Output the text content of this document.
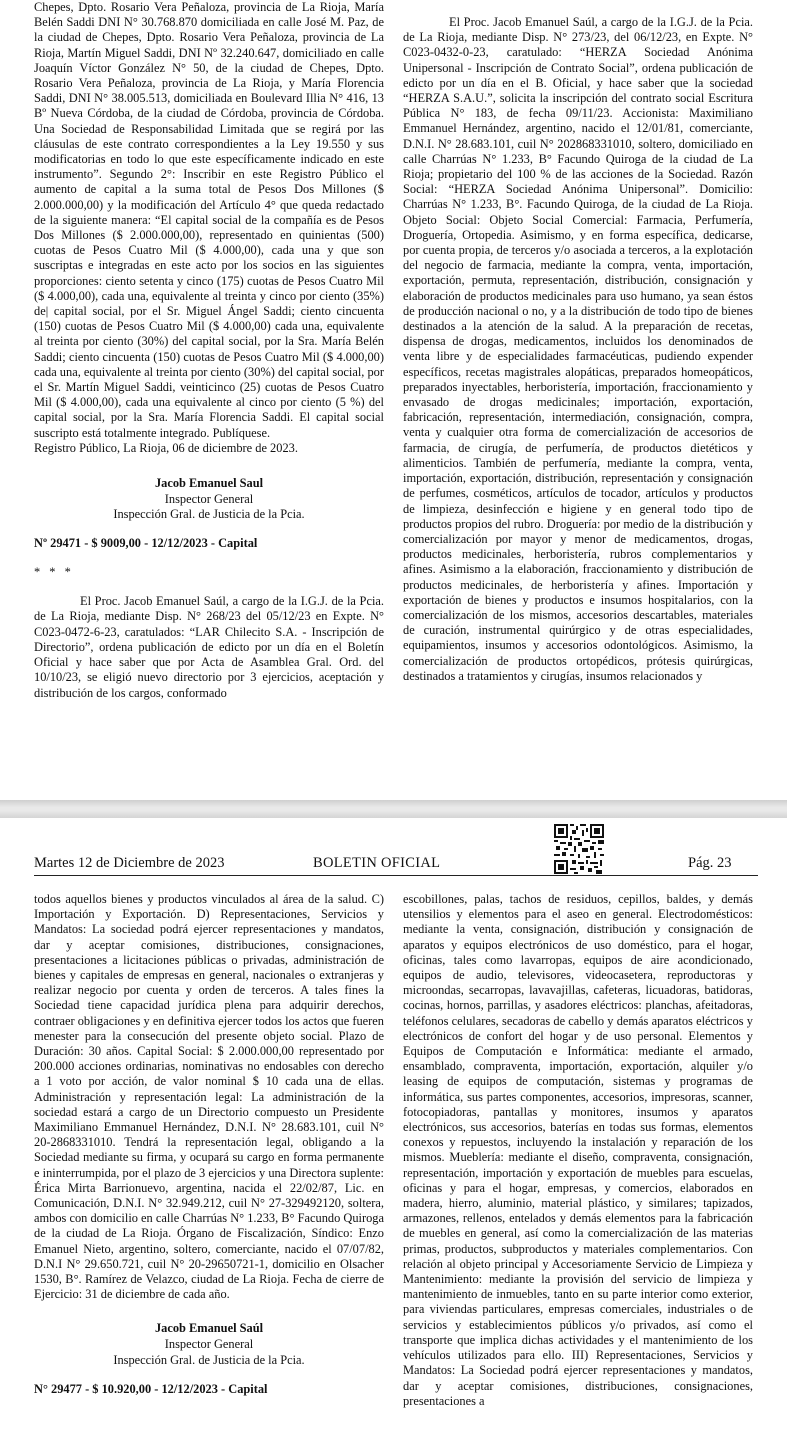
Chepes, Dpto. Rosario Vera Peñaloza, provincia de La Rioja, María Belén Saddi DNI N° 30.768.870 domiciliada en calle José M. Paz, de la ciudad de Chepes, Dpto. Rosario Vera Peñaloza, provincia de La Rioja, Martín Miguel Saddi, DNI Nº 32.240.647, domiciliado en calle Joaquín Víctor González N° 50, de la ciudad de Chepes, Dpto. Rosario Vera Peñaloza, provincia de La Rioja, y María Florencia Saddi, DNI N° 38.005.513, domiciliada en Boulevard Illia N° 416, 13 Bº Nueva Córdoba, de la ciudad de Córdoba, provincia de Córdoba. Una Sociedad de Responsabilidad Limitada que se regirá por las cláusulas de este contrato correspondientes a la Ley 19.550 y sus modificatorias en todo lo que este específicamente indicado en este instrumento”. Segundo 2°: Inscribir en este Registro Público el aumento de capital a la suma total de Pesos Dos Millones ($ 2.000.000,00) y la modificación del Artículo 4° que queda redactado de la siguiente manera: “El capital social de la compañía es de Pesos Dos Millones ($ 2.000.000,00), representado en quinientas (500) cuotas de Pesos Cuatro Mil ($ 4.000,00), cada una y que son suscriptas e integradas en este acto por los socios en las siguientes proporciones: ciento setenta y cinco (175) cuotas de Pesos Cuatro Mil ($ 4.000,00), cada una, equivalente al treinta y cinco por ciento (35%) de| capital social, por el Sr. Miguel Ángel Saddi; ciento cincuenta (150) cuotas de Pesos Cuatro Mil ($ 4.000,00) cada una, equivalente al treinta por ciento (30%) del capital social, por la Sra. María Belén Saddi; ciento cincuenta (150) cuotas de Pesos Cuatro Mil ($ 4.000,00) cada una, equivalente al treinta por ciento (30%) del capital social, por el Sr. Martín Miguel Saddi, veinticinco (25) cuotas de Pesos Cuatro Mil ($ 4.000,00), cada una equivalente al cinco por ciento (5 %) del capital social, por la Sra. María Florencia Saddi. El capital social suscripto está totalmente integrado. Publíquese.

Registro Público, La Rioja, 06 de diciembre de 2023.

Jacob Emanuel Saul
Inspector General
Inspección Gral. de Justicia de la Pcia.

Nº 29471 - $ 9009,00 - 12/12/2023 - Capital

* * *

El Proc. Jacob Emanuel Saúl, a cargo de la I.G.J. de la Pcia. de La Rioja, mediante Disp. N° 268/23 del 05/12/23 en Expte. N° C023-0472-6-23, caratulados: “LAR Chilecito S.A. - Inscripción de Directorio”, ordena publicación de edicto por un día en el Boletín Oficial y hace saber que por Acta de Asamblea Gral. Ord. del 10/10/23, se eligió nuevo directorio por 3 ejercicios, aceptación y distribución de los cargos, conformado

El Proc. Jacob Emanuel Saúl, a cargo de la I.G.J. de la Pcia. de La Rioja, mediante Disp. N° 273/23, del 06/12/23, en Expte. N° C023-0432-0-23, caratulado: “HERZA Sociedad Anónima Unipersonal - Inscripción de Contrato Social”, ordena publicación de edicto por un día en el B. Oficial, y hace saber que la sociedad “HERZA S.A.U.”, solicita la inscripción del contrato social Escritura Pública N° 183, de fecha 09/11/23. Accionista: Maximiliano Emmanuel Hernández, argentino, nacido el 12/01/81, comerciante, D.N.I. N° 28.683.101, cuil N° 202868331010, soltero, domiciliado en calle Charrúas N° 1.233, B° Facundo Quiroga de la ciudad de La Rioja; propietario del 100 % de las acciones de la Sociedad. Razón Social: “HERZA Sociedad Anónima Unipersonal”. Domicilio: Charrúas N° 1.233, B°. Facundo Quiroga, de la ciudad de La Rioja. Objeto Social: Objeto Social Comercial: Farmacia, Perfumería, Droguería, Ortopedia. Asimismo, y en forma específica, dedicarse, por cuenta propia, de terceros y/o asociada a terceros, a la explotación del negocio de farmacia, mediante la compra, venta, importación, exportación, permuta, representación, distribución, consignación y elaboración de productos medicinales para uso humano, ya sean éstos de producción nacional o no, y a la distribución de todo tipo de bienes destinados a la atención de la salud. A la preparación de recetas, dispensa de drogas, medicamentos, incluidos los denominados de venta libre y de especialidades farmacéuticas, pudiendo expender específicos, recetas magistrales alopáticas, preparados homeopáticos, preparados inyectables, herboristería, importación, fraccionamiento y envasado de drogas medicinales; importación, exportación, fabricación, representación, intermediación, consignación, compra, venta y cualquier otra forma de comercialización de accesorios de farmacia, de cirugía, de perfumería, de productos dietéticos y alimenticios. También de perfumería, mediante la compra, venta, importación, exportación, distribución, representación y consignación de perfumes, cosméticos, artículos de tocador, artículos y productos de limpieza, desinfección e higiene y en general todo tipo de productos propios del rubro. Droguería: por medio de la distribución y comercialización por mayor y menor de medicamentos, drogas, productos medicinales, herboristería, rubros complementarios y afines. Asimismo a la elaboración, fraccionamiento y distribución de productos medicinales, de herboristería y afines. Importación y exportación de bienes y productos e insumos hospitalarios, con la comercialización de los mismos, accesorios descartables, materiales de curación, instrumental quirúrgico y de otras especialidades, equipamientos, insumos y accesorios odontológicos. Asimismo, la comercialización de productos ortopédicos, prótesis quirúrgicas, destinados a tratamientos y cirugías, insumos relacionados y

Martes 12 de Diciembre de 2023	BOLETIN OFICIAL	Pág. 23

todos aquellos bienes y productos vinculados al área de la salud. C) Importación y Exportación. D) Representaciones, Servicios y Mandatos: La sociedad podrá ejercer representaciones y mandatos, dar y aceptar comisiones, distribuciones, consignaciones, presentaciones a licitaciones públicas o privadas, administración de bienes y capitales de empresas en general, nacionales o extranjeras y realizar negocio por cuenta y orden de terceros. A tales fines la Sociedad tiene capacidad jurídica plena para adquirir derechos, contraer obligaciones y en definitiva ejercer todos los actos que fueren menester para la consecución del presente objeto social. Plazo de Duración: 30 años. Capital Social: $ 2.000.000,00 representado por 200.000 acciones ordinarias, nominativas no endosables con derecho a 1 voto por acción, de valor nominal $ 10 cada una de ellas. Administración y representación legal: La administración de la sociedad estará a cargo de un Directorio compuesto un Presidente Maximiliano Emmanuel Hernández, D.N.I. N° 28.683.101, cuil N° 20-2868331010. Tendrá la representación legal, obligando a la Sociedad mediante su firma, y ocupará su cargo en forma permanente e ininterrumpida, por el plazo de 3 ejercicios y una Directora suplente: Érica Mirta Barrionuevo, argentina, nacida el 22/02/87, Lic. en Comunicación, D.N.I. N° 32.949.212, cuil N° 27-329492120, soltera, ambos con domicilio en calle Charrúas N° 1.233, B° Facundo Quiroga de la ciudad de La Rioja. Órgano de Fiscalización, Síndico: Enzo Emanuel Nieto, argentino, soltero, comerciante, nacido el 07/07/82, D.N.I N° 29.650.721, cuil N° 20-29650721-1, domicilio en Olsacher 1530, B°. Ramírez de Velazco, ciudad de La Rioja. Fecha de cierre de Ejercicio: 31 de diciembre de cada año.

Jacob Emanuel Saúl
Inspector General
Inspección Gral. de Justicia de la Pcia.

N° 29477 - $ 10.920,00 - 12/12/2023 - Capital

escobillones, palas, tachos de residuos, cepillos, baldes, y demás utensilios y elementos para el aseo en general. Electrodomésticos: mediante la venta, consignación, distribución y consignación de aparatos y equipos electrónicos de uso doméstico, para el hogar, oficinas, tales como lavarropas, equipos de aire acondicionado, equipos de audio, televisores, videocasetera, reproductoras y microondas, secarropas, lavavajillas, cafeteras, licuadoras, batidoras, cocinas, hornos, parrillas, y asadores eléctricos: planchas, afeitadoras, teléfonos celulares, secadoras de cabello y demás aparatos eléctricos y electrónicos de confort del hogar y de uso personal. Elementos y Equipos de Computación e Informática: mediante el armado, ensamblado, compraventa, importación, exportación, alquiler y/o leasing de equipos de computación, sistemas y programas de informática, sus partes componentes, accesorios, impresoras, scanner, fotocopiadoras, pantallas y monitores, insumos y aparatos electrónicos, sus accesorios, baterías en todas sus formas, elementos conexos y repuestos, incluyendo la instalación y reparación de los mismos. Mueblería: mediante el diseño, compraventa, consignación, representación, importación y exportación de muebles para escuelas, oficinas y para el hogar, empresas, y comercios, elaborados en madera, hierro, aluminio, material plástico, y similares; tapizados, armazones, rellenos, entelados y demás elementos para la fabricación de muebles en general, así como la comercialización de las materias primas, productos, subproductos y materiales complementarios. Con relación al objeto principal y Accesoriamente Servicio de Limpieza y Mantenimiento: mediante la provisión del servicio de limpieza y mantenimiento de inmuebles, tanto en su parte interior como exterior, para viviendas particulares, empresas comerciales, industriales o de servicios y establecimientos públicos y/o privados, así como el transporte que implica dichas actividades y el mantenimiento de los vehículos utilizados para ello. III) Representaciones, Servicios y Mandatos: La Sociedad podrá ejercer representaciones y mandatos, dar y aceptar comisiones, distribuciones, consignaciones, presentaciones a
